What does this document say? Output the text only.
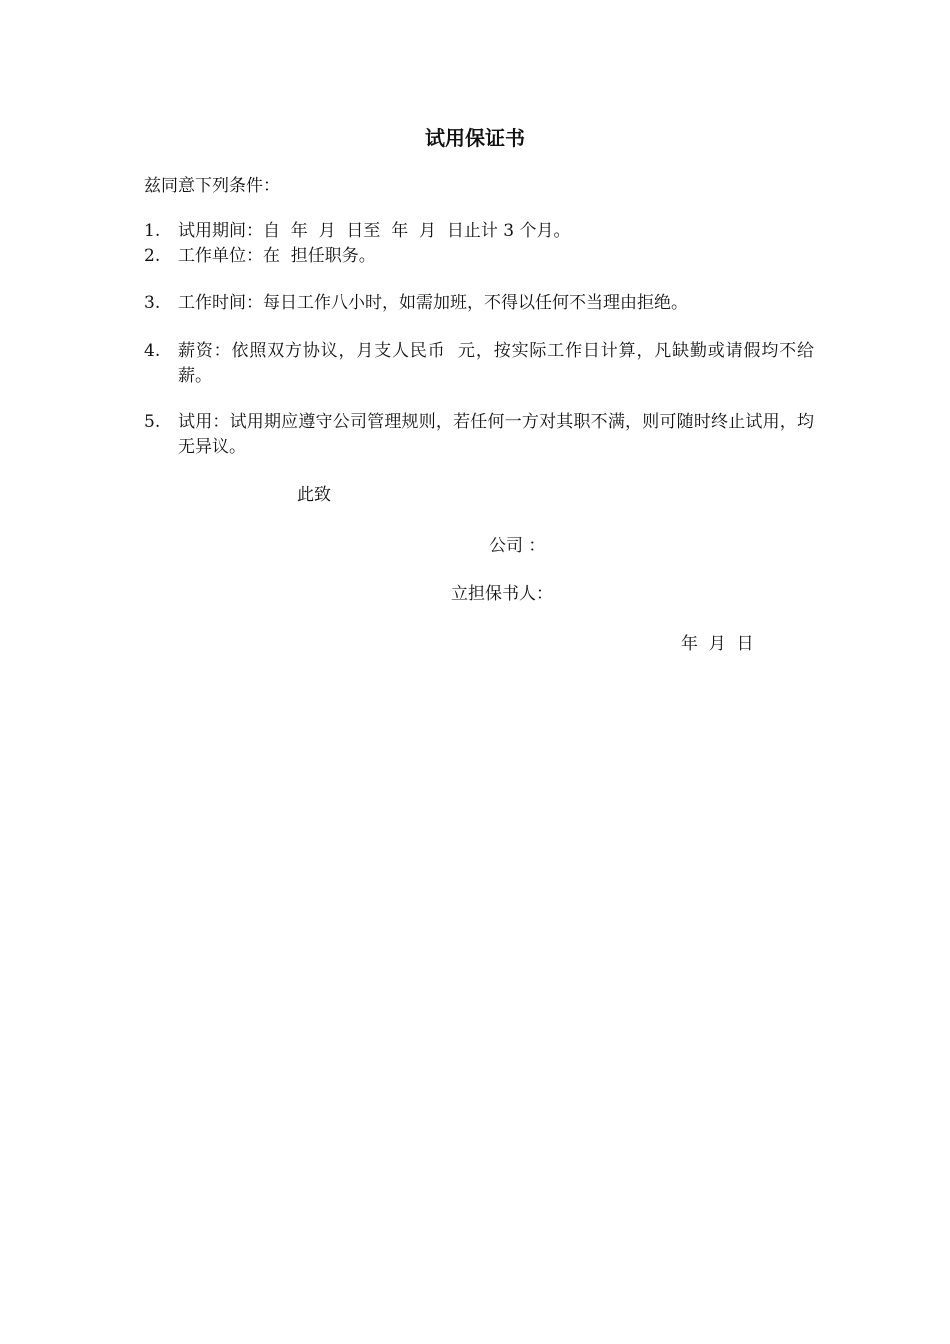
试用保证书
兹同意下列条件：
1.	试用期间：自  年  月  日至  年  月  日止计 3 个月。
2.	工作单位：在  担任职务。
3.	工作时间：每日工作八小时，如需加班，不得以任何不当理由拒绝。
4.	薪资：依照双方协议，月支人民币  元，按实际工作日计算，凡缺勤或请假均不给薪。
5.	试用：试用期应遵守公司管理规则，若任何一方对其职不满，则可随时终止试用，均无异议。
此致
公司 ：
立担保书人：
年  月  日
